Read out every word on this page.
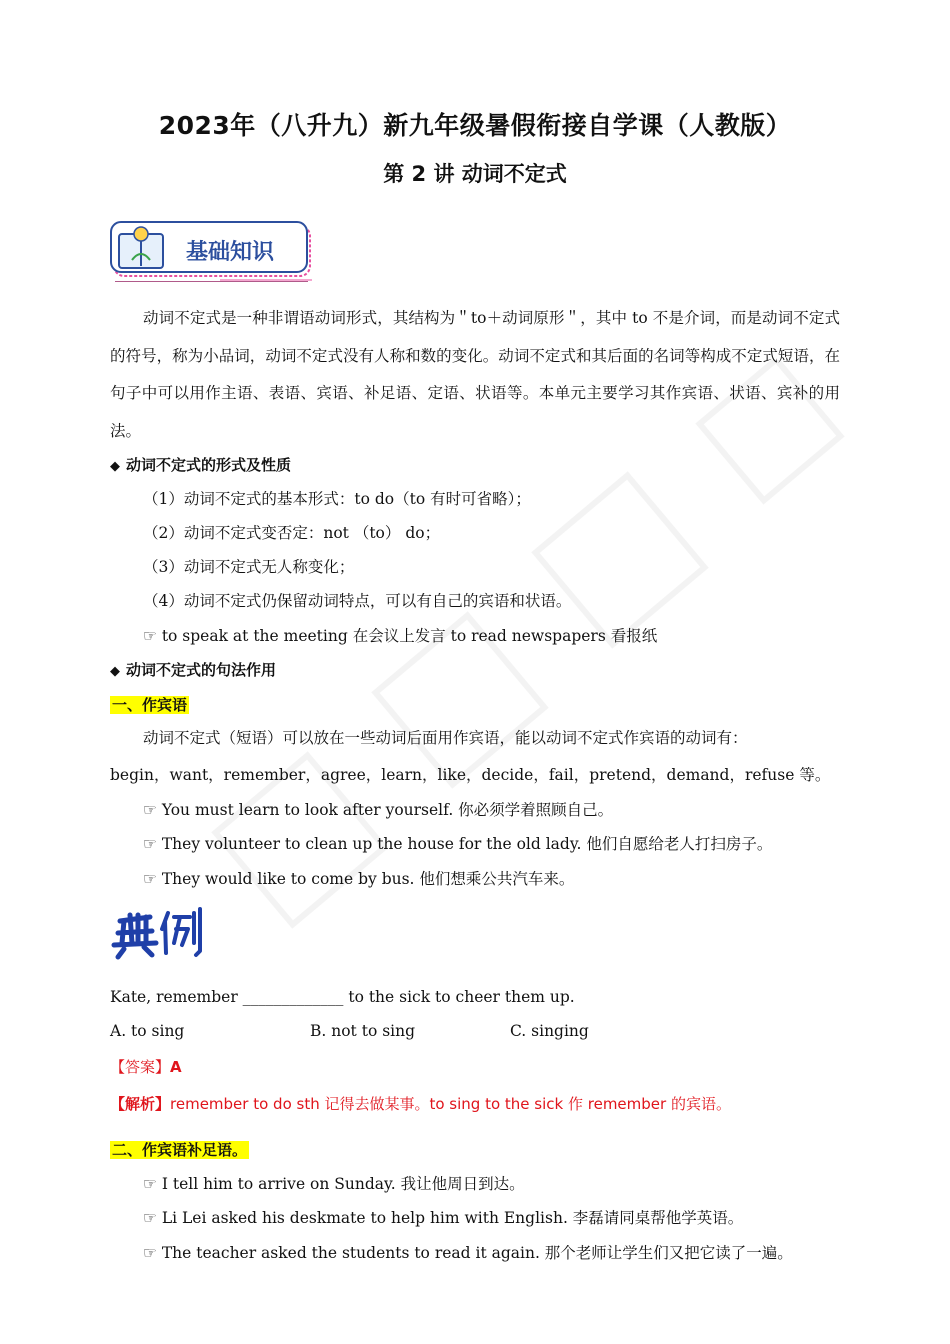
2023年（八升九）新九年级暑假衔接自学课（人教版）
第 2 讲 动词不定式
基础知识
动词不定式是一种非谓语动词形式，其结构为＂to＋动词原形＂，其中 to 不是介词，而是动词不定式的符号，称为小品词，动词不定式没有人称和数的变化。动词不定式和其后面的名词等构成不定式短语，在句子中可以用作主语、表语、宾语、补足语、定语、状语等。本单元主要学习其作宾语、状语、宾补的用法。
◆ 动词不定式的形式及性质
（1）动词不定式的基本形式：to do（to 有时可省略）；
（2）动词不定式变否定：not （to） do；
（3）动词不定式无人称变化；
（4）动词不定式仍保留动词特点，可以有自己的宾语和状语。
☞ to speak at the meeting 在会议上发言 to read newspapers 看报纸
◆ 动词不定式的句法作用
一、作宾语
动词不定式（短语）可以放在一些动词后面用作宾语，能以动词不定式作宾语的动词有：
begin，want，remember，agree，learn，like，decide，fail，pretend，demand，refuse 等。
☞ You must learn to look after yourself. 你必须学着照顾自己。
☞ They volunteer to clean up the house for the old lady. 他们自愿给老人打扫房子。
☞ They would like to come by bus. 他们想乘公共汽车来。
典例
Kate, remember _____________ to the sick to cheer them up.
A. to sing	B. not to sing	C. singing
【答案】A
【解析】remember to do sth 记得去做某事。to sing to the sick 作 remember 的宾语。
二、作宾语补足语。
☞ I tell him to arrive on Sunday. 我让他周日到达。
☞ Li Lei asked his deskmate to help him with English. 李磊请同桌帮他学英语。
☞ The teacher asked the students to read it again. 那个老师让学生们又把它读了一遍。
